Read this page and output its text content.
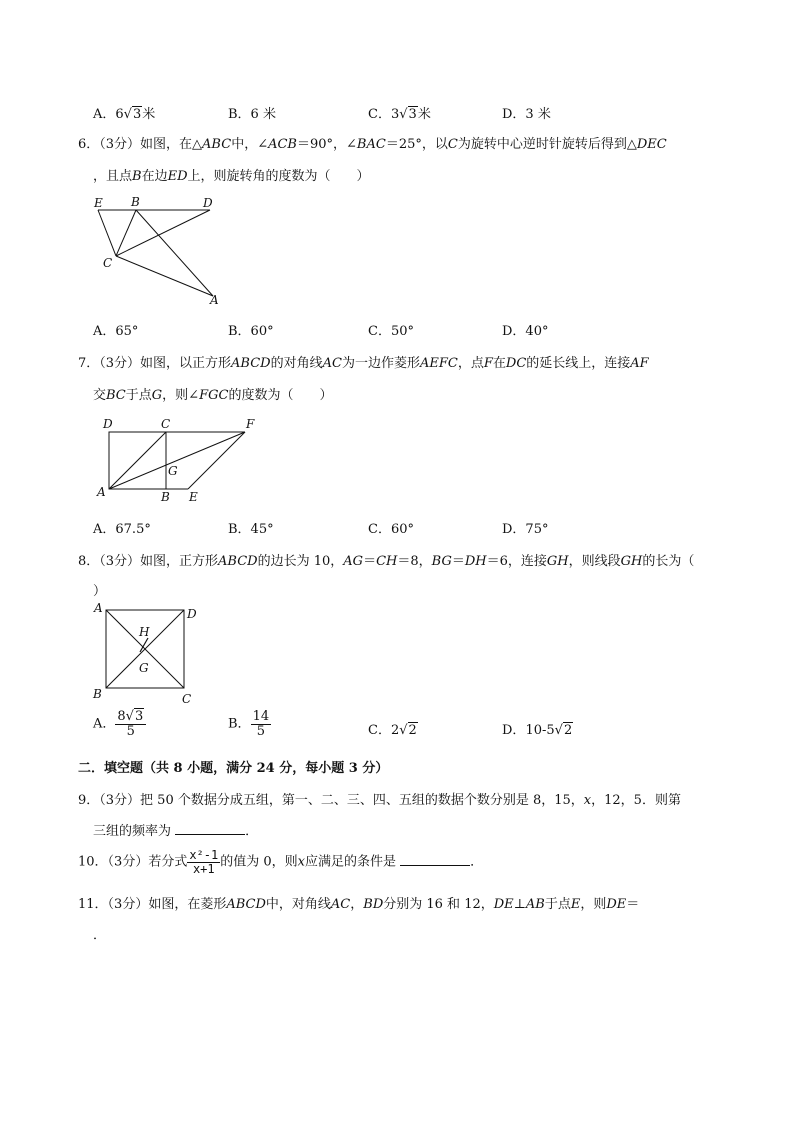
A．6√3米	B．6 米	C．3√3米	D．3 米
6．（3分）如图，在△ABC中，∠ACB＝90°，∠BAC＝25°，以C为旋转中心逆时针旋转后得到△DEC
，且点B在边ED上，则旋转角的度数为（　　）
E B	D
C
A
A．65°	B．60°	C．50°	D．40°
7．（3分）如图，以正方形ABCD的对角线AC为一边作菱形AEFC，点F在DC的延长线上，连接AF
交BC于点G，则∠FGC的度数为（　　）
D	C	F
G
A	B E
A．67.5°	B．45°	C．60°	D．75°
8．（3分）如图，正方形ABCD的边长为 10，AG＝CH＝8，BG＝DH＝6，连接GH，则线段GH的长为（
）
A	D
H
G
B	C
A． $\frac{8√3}{5}$	B． $\frac{14}{5}$	C．2√2	D．10-5√2
二．填空题（共 8 小题，满分 24 分，每小题 3 分）
9．（3分）把 50 个数据分成五组，第一、二、三、四、五组的数据个数分别是 8，15，x，12，5．则第
三组的频率为	．
10．（3分）若分式 $\frac{\text{x²-1}}{x+1}$ 的值为 0，则x应满足的条件是	．
11．（3分）如图，在菱形ABCD中，对角线AC，BD分别为 16 和 12，DE⊥AB于点E，则DE＝
．
